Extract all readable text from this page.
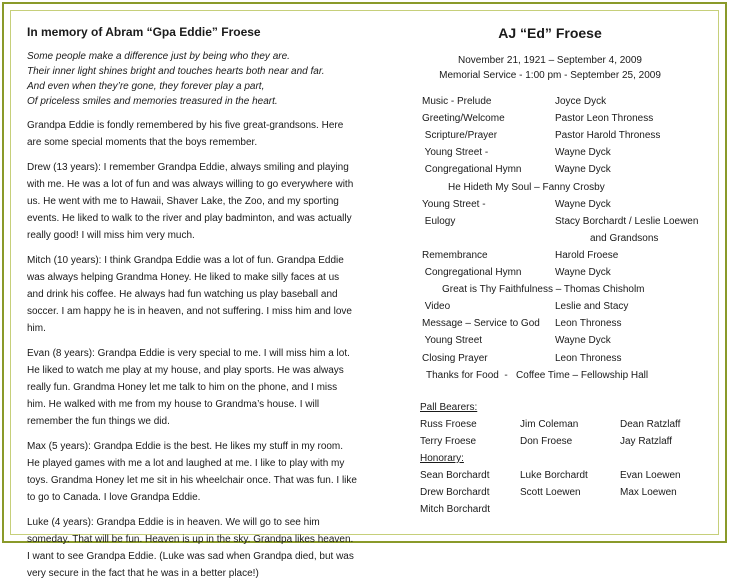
In memory of Abram “Gpa Eddie” Froese
Some people make a difference just by being who they are.
Their inner light shines bright and touches hearts both near and far.
And even when they’re gone, they forever play a part,
Of priceless smiles and memories treasured in the heart.

Grandpa Eddie is fondly remembered by his five great-grandsons. Here are some special moments that the boys remember.

Drew (13 years): I remember Grandpa Eddie, always smiling and playing with me. He was a lot of fun and was always willing to go everywhere with us. He went with me to Hawaii, Shaver Lake, the Zoo, and my sporting events. He liked to walk to the river and play badminton, and was actually really good! I will miss him very much.

Mitch (10 years): I think Grandpa Eddie was a lot of fun. Grandpa Eddie was always helping Grandma Honey. He liked to make silly faces at us and drink his coffee. He always had fun watching us play baseball and soccer. I am happy he is in heaven, and not suffering. I miss him and love him.

Evan (8 years): Grandpa Eddie is very special to me. I will miss him a lot. He liked to watch me play at my house, and play sports. He was always really fun. Grandma Honey let me talk to him on the phone, and I miss him. He walked with me from my house to Grandma’s house. I will remember the fun things we did.

Max (5 years): Grandpa Eddie is the best. He likes my stuff in my room. He played games with me a lot and laughed at me. I like to play with my toys. Grandma Honey let me sit in his wheelchair once. That was fun. I like to go to Canada. I love Grandpa Eddie.

Luke (4 years): Grandpa Eddie is in heaven. We will go to see him someday. That will be fun. Heaven is up in the sky. Grandpa likes heaven. I want to see Grandpa Eddie. (Luke was sad when Grandpa died, but was very secure in the fact that he was in a better place!)

AJ “Ed” Froese
November 21, 1921 – September 4, 2009
Memorial Service - 1:00 pm - September 25, 2009
Music - Prelude	Joyce Dyck
Greeting/Welcome	Pastor Leon Throness
Scripture/Prayer	Pastor Harold Throness
Young Street -	Wayne Dyck
Congregational Hymn	Wayne Dyck
He Hideth My Soul – Fanny Crosby
Young Street -	Wayne Dyck
Eulogy	Stacy Borchardt / Leslie Loewen
and Grandsons
Remembrance	Harold Froese
Congregational Hymn	Wayne Dyck
Great is Thy Faithfulness – Thomas Chisholm
Video	Leslie and Stacy
Message – Service to God Leon Throness
Young Street	Wayne Dyck
Closing Prayer	Leon Throness
Thanks for Food  -   Coffee Time – Fellowship Hall
Pall Bearers:
Russ Froese	Jim Coleman	Dean Ratzlaff
Terry Froese	Don Froese	Jay Ratzlaff
Honorary:
Sean Borchardt	Luke Borchardt	Evan Loewen
Drew Borchardt	Scott Loewen	Max Loewen
Mitch Borchardt
